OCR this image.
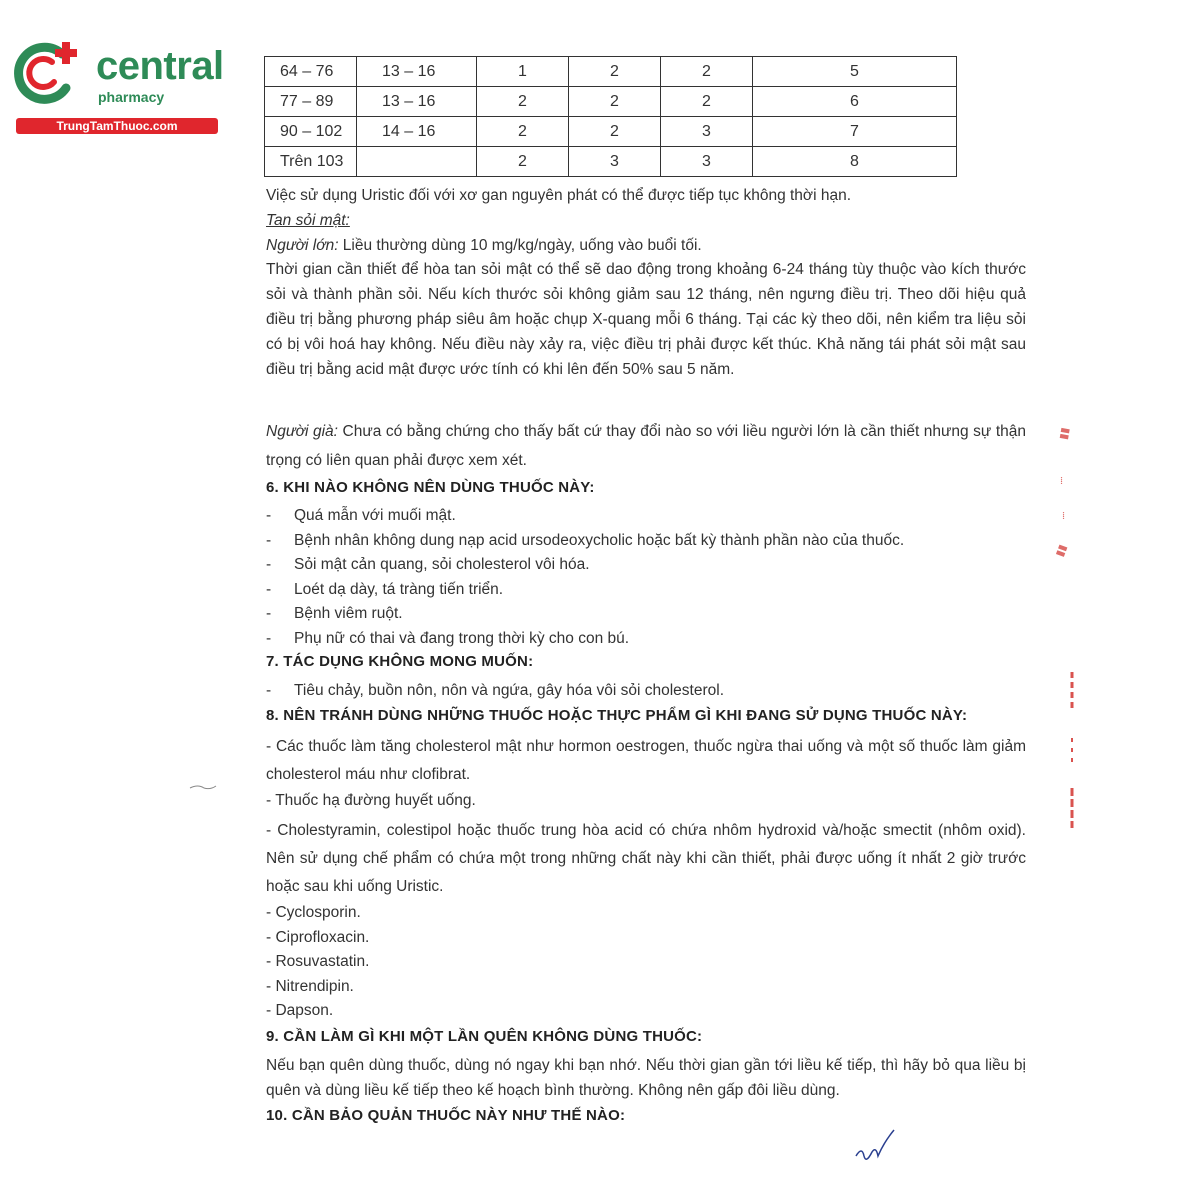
central
pharmacy
TrungTamThuoc.com
64 – 76	13 – 16	1	2	2	5
77 – 89	13 – 16	2	2	2	6
90 – 102	14 – 16	2	2	3	7
Trên 103		2	3	3	8

Việc sử dụng Uristic đối với xơ gan nguyên phát có thể được tiếp tục không thời hạn.

Tan sỏi mật:

Người lớn: Liều thường dùng 10 mg/kg/ngày, uống vào buổi tối.

Thời gian cần thiết để hòa tan sỏi mật có thể sẽ dao động trong khoảng 6-24 tháng tùy thuộc vào kích thước sỏi và thành phần sỏi. Nếu kích thước sỏi không giảm sau 12 tháng, nên ngưng điều trị. Theo dõi hiệu quả điều trị bằng phương pháp siêu âm hoặc chụp X-quang mỗi 6 tháng. Tại các kỳ theo dõi, nên kiểm tra liệu sỏi có bị vôi hoá hay không. Nếu điều này xảy ra, việc điều trị phải được kết thúc. Khả năng tái phát sỏi mật sau điều trị bằng acid mật được ước tính có khi lên đến 50% sau 5 năm.

Người già: Chưa có bằng chứng cho thấy bất cứ thay đổi nào so với liều người lớn là cần thiết nhưng sự thận trọng có liên quan phải được xem xét.
6. KHI NÀO KHÔNG NÊN DÙNG THUỐC NÀY:
-	Quá mẫn với muối mật.
-	Bệnh nhân không dung nạp acid ursodeoxycholic hoặc bất kỳ thành phần nào của thuốc.
-	Sỏi mật cản quang, sỏi cholesterol vôi hóa.
-	Loét dạ dày, tá tràng tiến triển.
-	Bệnh viêm ruột.
-	Phụ nữ có thai và đang trong thời kỳ cho con bú.
7. TÁC DỤNG KHÔNG MONG MUỐN:
-	Tiêu chảy, buồn nôn, nôn và ngứa, gây hóa vôi sỏi cholesterol.
8. NÊN TRÁNH DÙNG NHỮNG THUỐC HOẶC THỰC PHẨM GÌ KHI ĐANG SỬ DỤNG THUỐC NÀY:
- Các thuốc làm tăng cholesterol mật như hormon oestrogen, thuốc ngừa thai uống và một số thuốc làm giảm cholesterol máu như clofibrat.
- Thuốc hạ đường huyết uống.
- Cholestyramin, colestipol hoặc thuốc trung hòa acid có chứa nhôm hydroxid và/hoặc smectit (nhôm oxid). Nên sử dụng chế phẩm có chứa một trong những chất này khi cần thiết, phải được uống ít nhất 2 giờ trước hoặc sau khi uống Uristic.
- Cyclosporin.
- Ciprofloxacin.
- Rosuvastatin.
- Nitrendipin.
- Dapson.
9. CẦN LÀM GÌ KHI MỘT LẦN QUÊN KHÔNG DÙNG THUỐC:
Nếu bạn quên dùng thuốc, dùng nó ngay khi bạn nhớ. Nếu thời gian gần tới liều kế tiếp, thì hãy bỏ qua liều bị quên và dùng liều kế tiếp theo kế hoạch bình thường. Không nên gấp đôi liều dùng.
10. CẦN BẢO QUẢN THUỐC NÀY NHƯ THẾ NÀO:
▮▮
⁞
⁞
▮▮
